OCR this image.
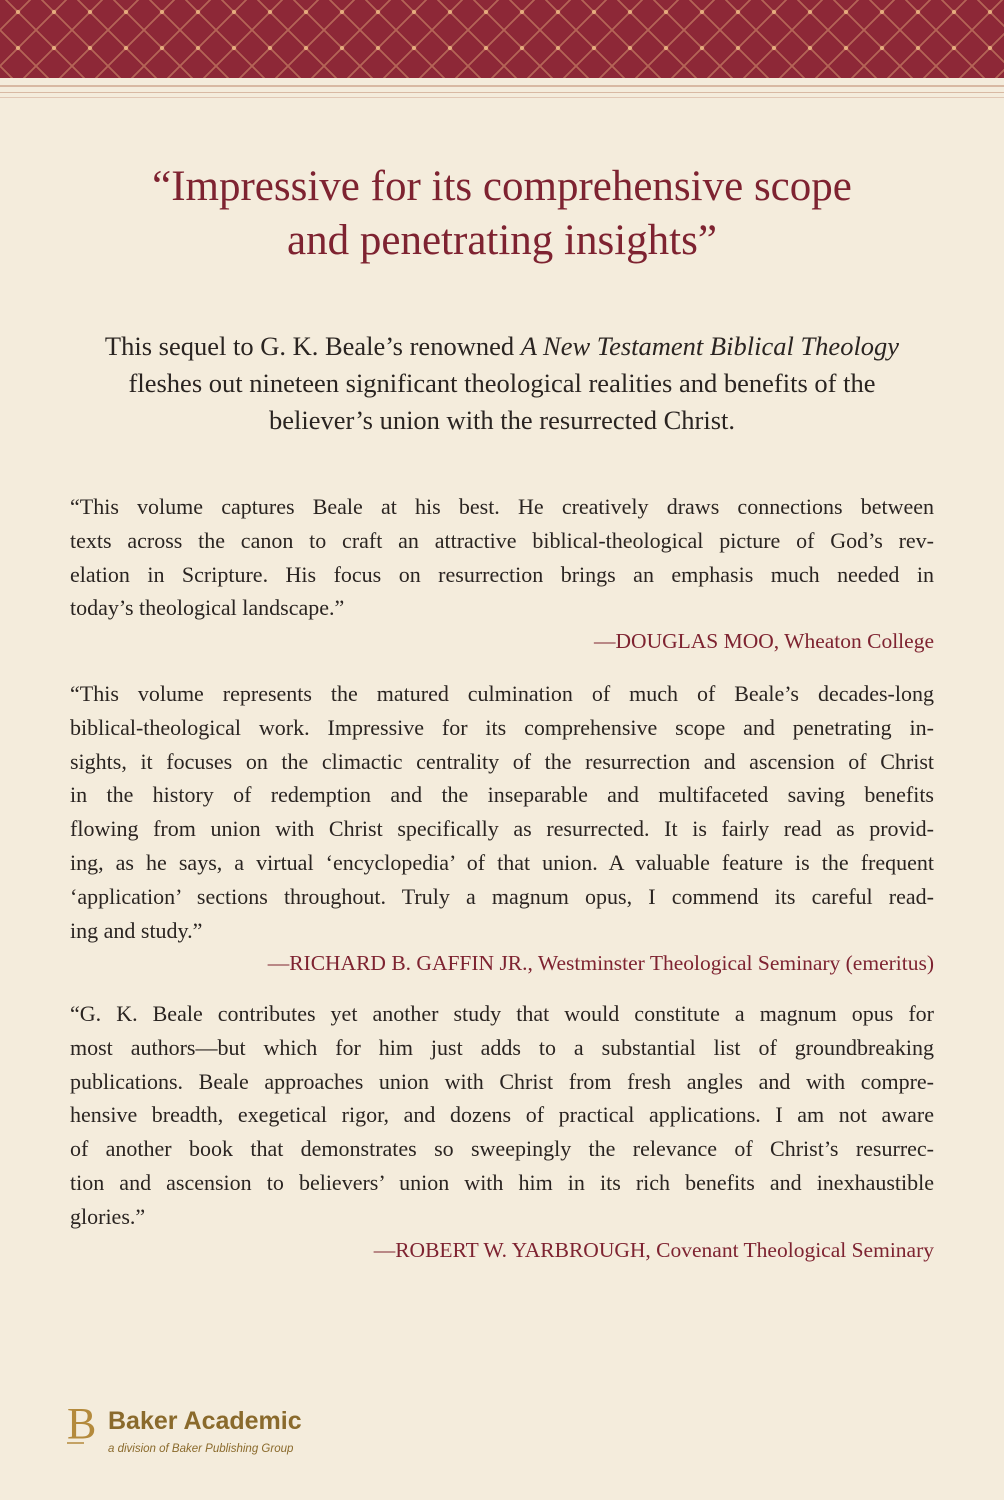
“Impressive for its comprehensive scope
and penetrating insights”
This sequel to G. K. Beale’s renowned A New Testament Biblical Theology
fleshes out nineteen significant theological realities and benefits of the
believer’s union with the resurrected Christ.
“This volume captures Beale at his best. He creatively draws connections between
texts across the canon to craft an attractive biblical-theological picture of God’s rev-
elation in Scripture. His focus on resurrection brings an emphasis much needed in
today’s theological landscape.”
—DOUGLAS MOO, Wheaton College
“This volume represents the matured culmination of much of Beale’s decades-long
biblical-theological work. Impressive for its comprehensive scope and penetrating in-
sights, it focuses on the climactic centrality of the resurrection and ascension of Christ
in the history of redemption and the inseparable and multifaceted saving benefits
flowing from union with Christ specifically as resurrected. It is fairly read as provid-
ing, as he says, a virtual ‘encyclopedia’ of that union. A valuable feature is the frequent
‘application’ sections throughout. Truly a magnum opus, I commend its careful read-
ing and study.”
—RICHARD B. GAFFIN JR., Westminster Theological Seminary (emeritus)
“G. K. Beale contributes yet another study that would constitute a magnum opus for
most authors—but which for him just adds to a substantial list of groundbreaking
publications. Beale approaches union with Christ from fresh angles and with compre-
hensive breadth, exegetical rigor, and dozens of practical applications. I am not aware
of another book that demonstrates so sweepingly the relevance of Christ’s resurrec-
tion and ascension to believers’ union with him in its rich benefits and inexhaustible
glories.”
—ROBERT W. YARBROUGH, Covenant Theological Seminary
B Baker Academic
a division of Baker Publishing Group
